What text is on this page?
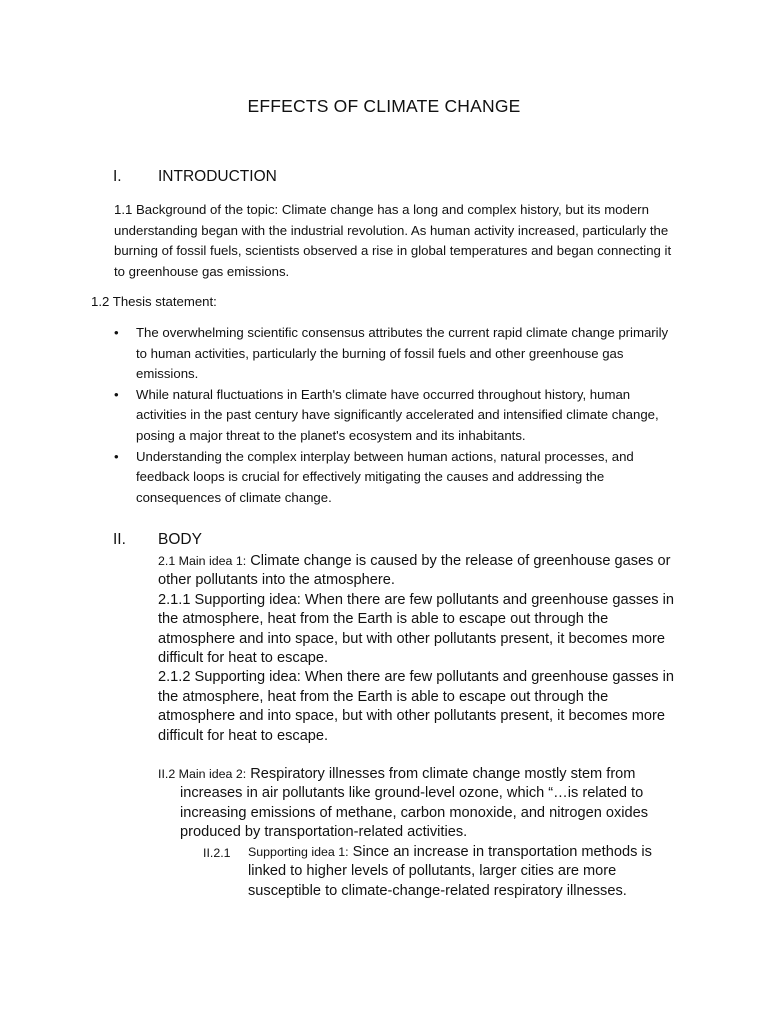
EFFECTS OF CLIMATE CHANGE
I. INTRODUCTION

1.1 Background of the topic: Climate change has a long and complex history, but its modern understanding began with the industrial revolution. As human activity increased, particularly the burning of fossil fuels, scientists observed a rise in global temperatures and began connecting it to greenhouse gas emissions.

1.2 Thesis statement:

• The overwhelming scientific consensus attributes the current rapid climate change primarily to human activities, particularly the burning of fossil fuels and other greenhouse gas emissions.
• While natural fluctuations in Earth's climate have occurred throughout history, human activities in the past century have significantly accelerated and intensified climate change, posing a major threat to the planet's ecosystem and its inhabitants.
• Understanding the complex interplay between human actions, natural processes, and feedback loops is crucial for effectively mitigating the causes and addressing the consequences of climate change.
II. BODY

2.1 Main idea 1: Climate change is caused by the release of greenhouse gases or other pollutants into the atmosphere.

2.1.1 Supporting idea: When there are few pollutants and greenhouse gasses in the atmosphere, heat from the Earth is able to escape out through the atmosphere and into space, but with other pollutants present, it becomes more difficult for heat to escape.

2.1.2 Supporting idea: When there are few pollutants and greenhouse gasses in the atmosphere, heat from the Earth is able to escape out through the atmosphere and into space, but with other pollutants present, it becomes more difficult for heat to escape.

II.2 Main idea 2: Respiratory illnesses from climate change mostly stem from increases in air pollutants like ground-level ozone, which “…is related to increasing emissions of methane, carbon monoxide, and nitrogen oxides produced by transportation-related activities.

II.2.1 Supporting idea 1: Since an increase in transportation methods is linked to higher levels of pollutants, larger cities are more susceptible to climate-change-related respiratory illnesses.
